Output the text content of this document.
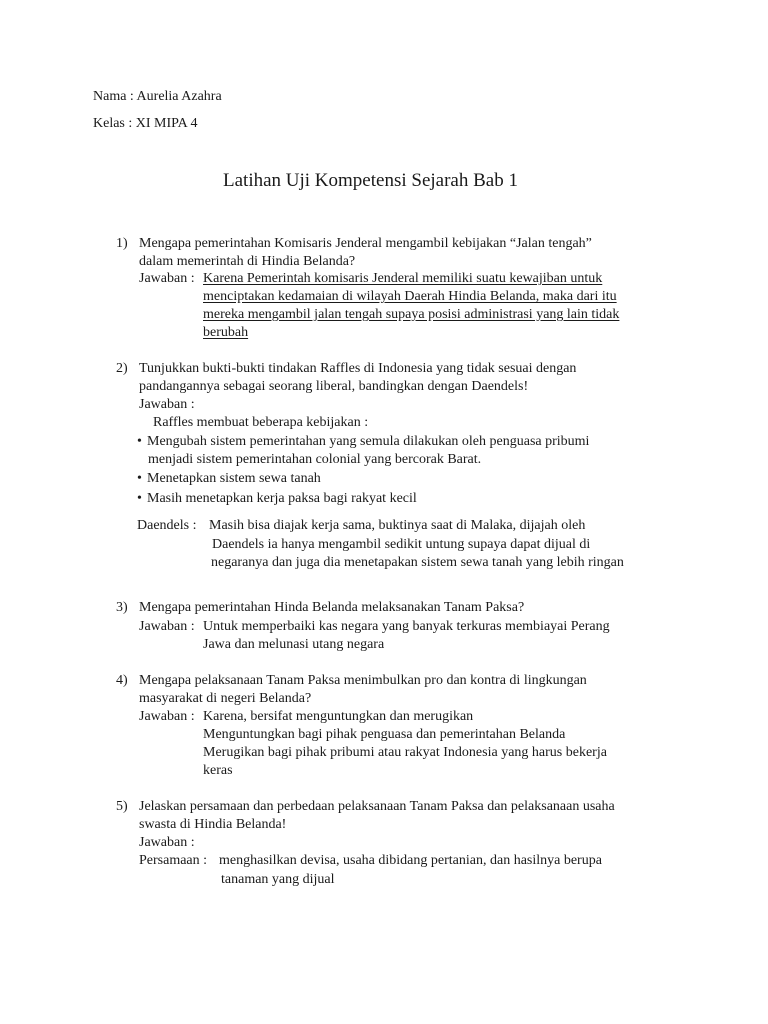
Nama : Aurelia Azahra
Kelas : XI MIPA 4
Latihan Uji Kompetensi Sejarah Bab 1
1) Mengapa pemerintahan Komisaris Jenderal mengambil kebijakan “Jalan tengah”
dalam memerintah di Hindia Belanda?
Jawaban : Karena Pemerintah komisaris Jenderal memiliki suatu kewajiban untuk
menciptakan kedamaian di wilayah Daerah Hindia Belanda, maka dari itu
mereka mengambil jalan tengah supaya posisi administrasi yang lain tidak
berubah
2) Tunjukkan bukti-bukti tindakan Raffles di Indonesia yang tidak sesuai dengan
pandangannya sebagai seorang liberal, bandingkan dengan Daendels!
Jawaban :
Raffles membuat beberapa kebijakan :
• Mengubah sistem pemerintahan yang semula dilakukan oleh penguasa pribumi
menjadi sistem pemerintahan colonial yang bercorak Barat.
• Menetapkan sistem sewa tanah
• Masih menetapkan kerja paksa bagi rakyat kecil
Daendels : Masih bisa diajak kerja sama, buktinya saat di Malaka, dijajah oleh
Daendels ia hanya mengambil sedikit untung supaya dapat dijual di
negaranya dan juga dia menetapakan sistem sewa tanah yang lebih ringan
3) Mengapa pemerintahan Hinda Belanda melaksanakan Tanam Paksa?
Jawaban : Untuk memperbaiki kas negara yang banyak terkuras membiayai Perang
Jawa dan melunasi utang negara
4) Mengapa pelaksanaan Tanam Paksa menimbulkan pro dan kontra di lingkungan
masyarakat di negeri Belanda?
Jawaban : Karena, bersifat menguntungkan dan merugikan
Menguntungkan bagi pihak penguasa dan pemerintahan Belanda
Merugikan bagi pihak pribumi atau rakyat Indonesia yang harus bekerja
keras
5) Jelaskan persamaan dan perbedaan pelaksanaan Tanam Paksa dan pelaksanaan usaha
swasta di Hindia Belanda!
Jawaban :
Persamaan : menghasilkan devisa, usaha dibidang pertanian, dan hasilnya berupa
tanaman yang dijual
